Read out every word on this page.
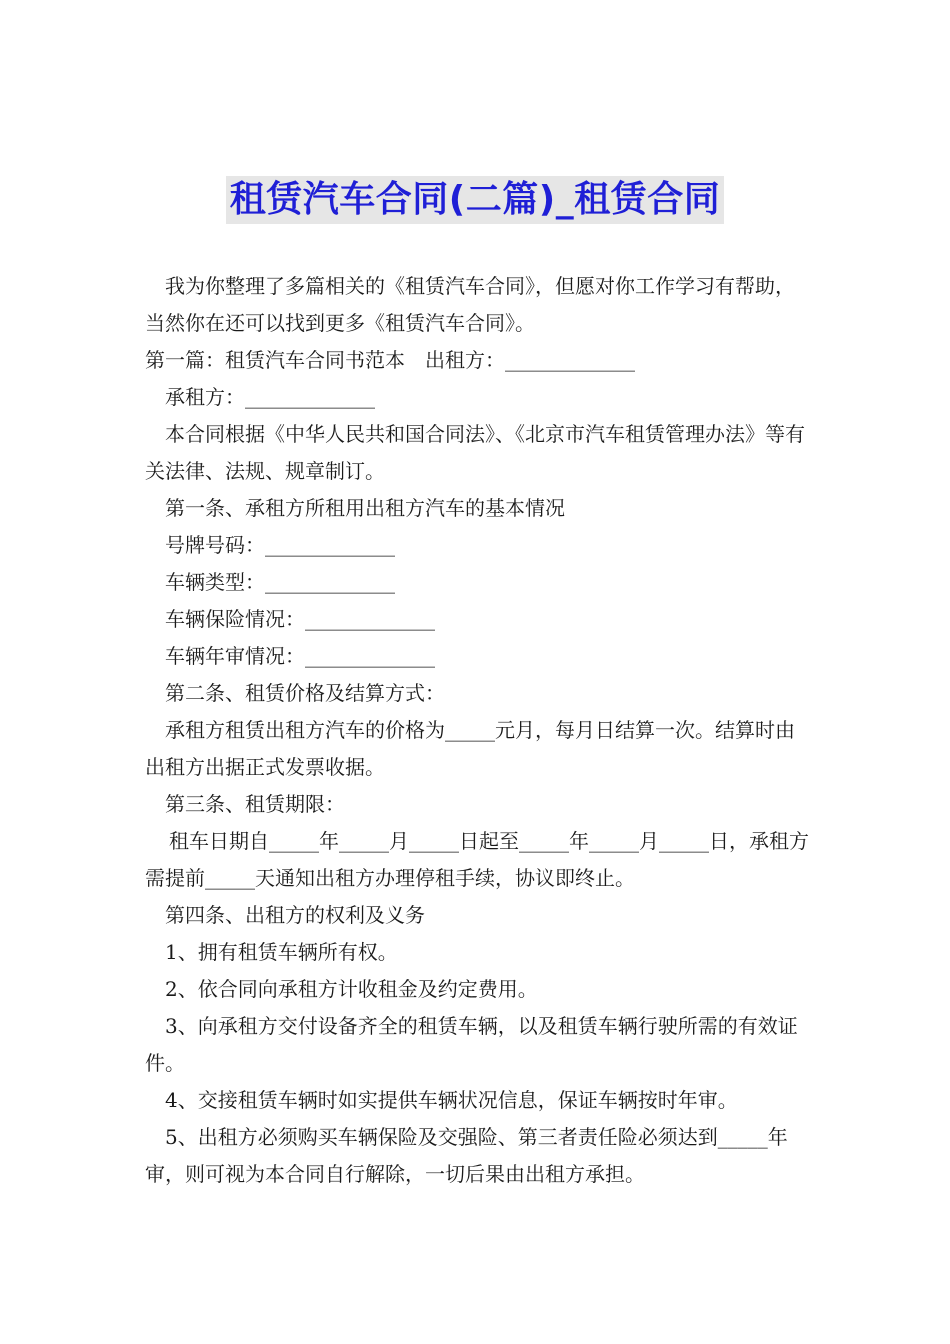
租赁汽车合同(二篇)_租赁合同

我为你整理了多篇相关的《租赁汽车合同》，但愿对你工作学习有帮助，当然你在还可以找到更多《租赁汽车合同》。

第一篇：租赁汽车合同书范本　出租方：_____________

承租方：_____________

本合同根据《中华人民共和国合同法》、《北京市汽车租赁管理办法》等有关法律、法规、规章制订。

第一条、承租方所租用出租方汽车的基本情况

号牌号码：_____________

车辆类型：_____________

车辆保险情况：_____________

车辆年审情况：_____________

第二条、租赁价格及结算方式：

承租方租赁出租方汽车的价格为_____元月，每月日结算一次。结算时由出租方出据正式发票收据。

第三条、租赁期限：

租车日期自_____年_____月_____日起至_____年_____月_____日，承租方需提前_____天通知出租方办理停租手续，协议即终止。

第四条、出租方的权利及义务

1、拥有租赁车辆所有权。

2、依合同向承租方计收租金及约定费用。

3、向承租方交付设备齐全的租赁车辆，以及租赁车辆行驶所需的有效证件。

4、交接租赁车辆时如实提供车辆状况信息，保证车辆按时年审。

5、出租方必须购买车辆保险及交强险、第三者责任险必须达到_____年审，则可视为本合同自行解除，一切后果由出租方承担。
